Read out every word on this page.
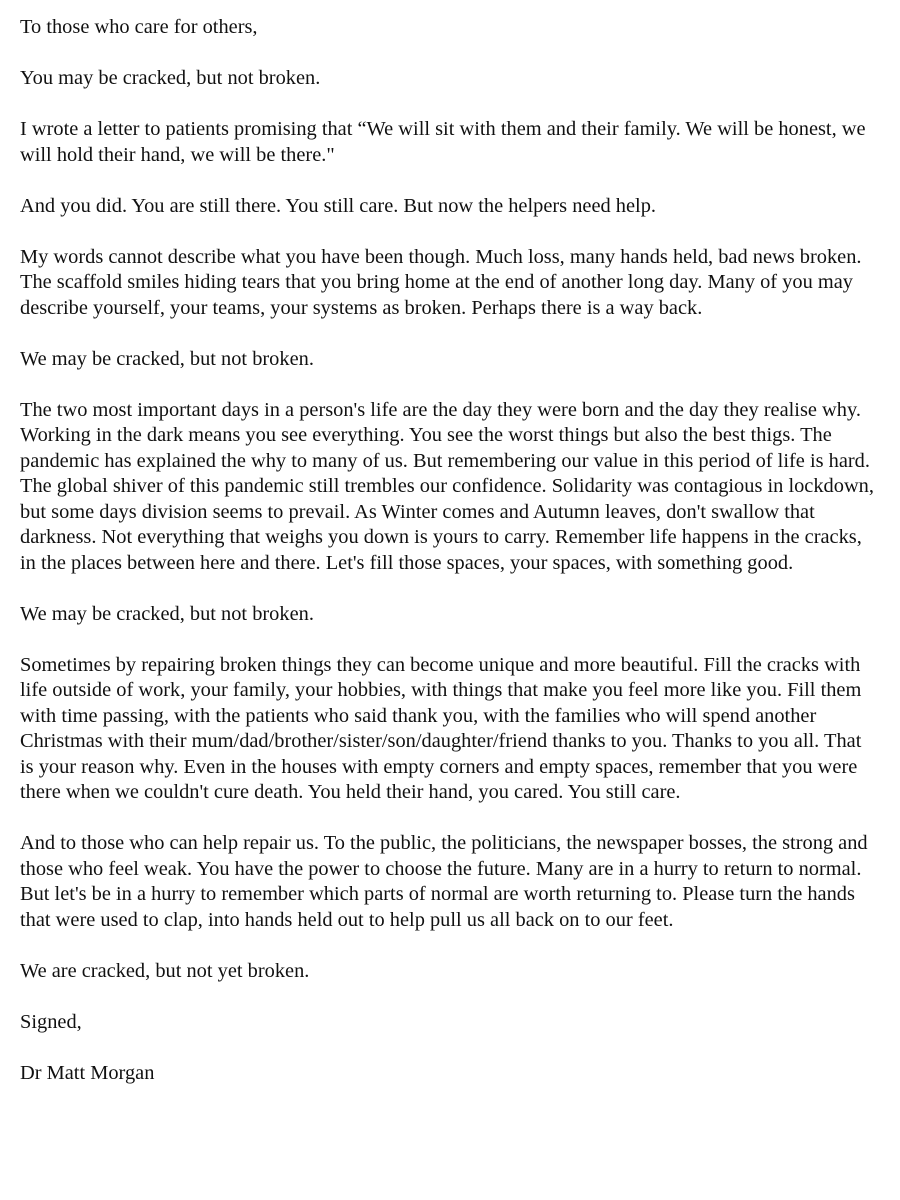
To those who care for others,

You may be cracked, but not broken.

I wrote a letter to patients promising that “We will sit with them and their family. We will be honest, we will hold their hand, we will be there."

And you did. You are still there. You still care. But now the helpers need help.

My words cannot describe what you have been though. Much loss, many hands held, bad news broken. The scaffold smiles hiding tears that you bring home at the end of another long day. Many of you may describe yourself, your teams, your systems as broken. Perhaps there is a way back.

We may be cracked, but not broken.

The two most important days in a person's life are the day they were born and the day they realise why. Working in the dark means you see everything. You see the worst things but also the best thigs. The pandemic has explained the why to many of us. But remembering our value in this period of life is hard. The global shiver of this pandemic still trembles our confidence. Solidarity was contagious in lockdown, but some days division seems to prevail. As Winter comes and Autumn leaves, don't swallow that darkness. Not everything that weighs you down is yours to carry. Remember life happens in the cracks, in the places between here and there. Let's fill those spaces, your spaces, with something good.

We may be cracked, but not broken.

Sometimes by repairing broken things they can become unique and more beautiful. Fill the cracks with life outside of work, your family, your hobbies, with things that make you feel more like you. Fill them with time passing, with the patients who said thank you, with the families who will spend another Christmas with their mum/dad/brother/sister/son/daughter/friend thanks to you. Thanks to you all. That is your reason why. Even in the houses with empty corners and empty spaces, remember that you were there when we couldn't cure death. You held their hand, you cared. You still care.

And to those who can help repair us. To the public, the politicians, the newspaper bosses, the strong and those who feel weak. You have the power to choose the future. Many are in a hurry to return to normal. But let's be in a hurry to remember which parts of normal are worth returning to. Please turn the hands that were used to clap, into hands held out to help pull us all back on to our feet.

We are cracked, but not yet broken.

Signed,

Dr Matt Morgan
